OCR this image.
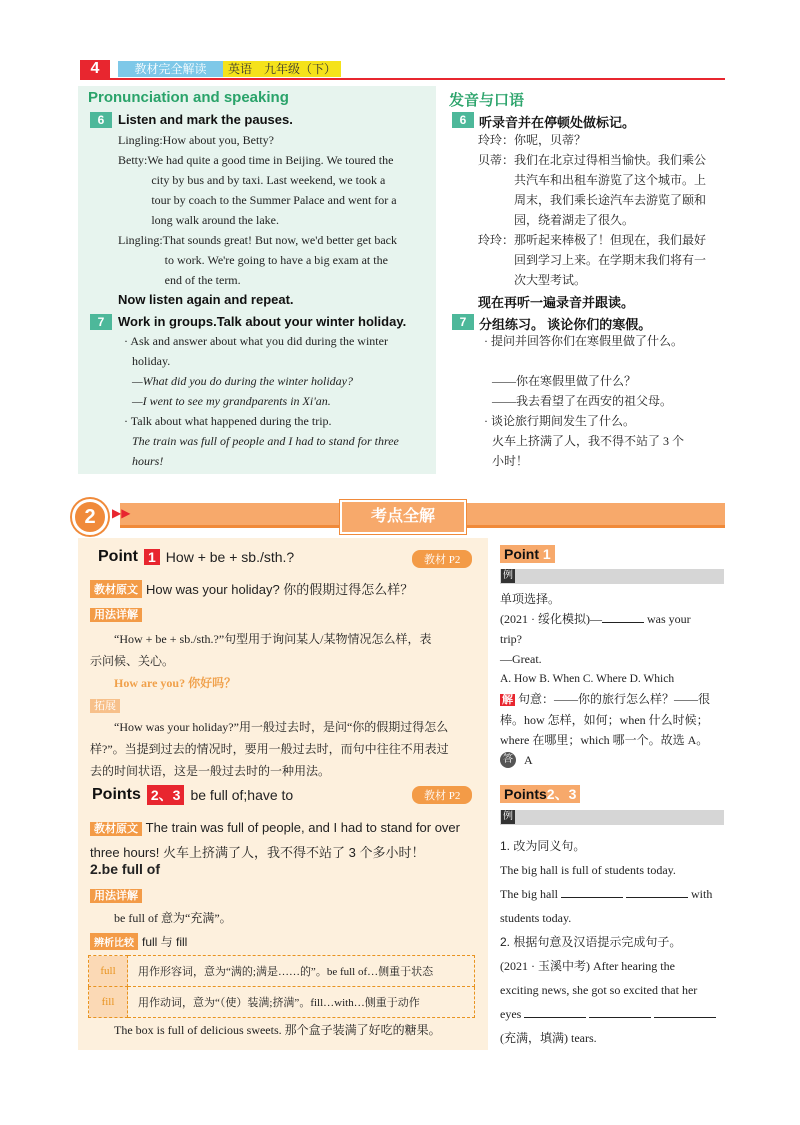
4	教材完全解读	英语　九年级（下）
Pronunciation and speaking	发音与口语
6	Listen and mark the pauses.	6 听录音并在停顿处做标记。
Lingling: How about you, Betty?
Betty: We had quite a good time in Beijing. We toured the
city by bus and by taxi. Last weekend, we took a
tour by coach to the Summer Palace and went for a
long walk around the lake.
Lingling: That sounds great! But now, we'd better get back
to work. We're going to have a big exam at the
end of the term.
玲玲： 你呢，贝蒂？
贝蒂： 我们在北京过得相当愉快。我们乘公
共汽车和出租车游览了这个城市。上
周末，我们乘长途汽车去游览了颐和
园，绕着湖走了很久。
玲玲： 那听起来棒极了！但现在，我们最好
回到学习上来。在学期末我们将有一
次大型考试。
Now listen again and repeat.	现在再听一遍录音并跟读。
7	Work in groups.Talk about your winter holiday.	7 分组练习。 谈论你们的寒假。
· Ask and answer about what you did during the winter
holiday.
—What did you do during the winter holiday?
—I went to see my grandparents in Xi'an.
· Talk about what happened during the trip.
The train was full of people and I had to stand for three
hours!
· 提问并回答你们在寒假里做了什么。
——你在寒假里做了什么？
——我去看望了在西安的祖父母。
· 谈论旅行期间发生了什么。
火车上挤满了人，我不得不站了 3 个
小时！
2	▶▶	考点全解
Point 1 How + be + sb./sth.?	教材 P2
教材原文 How was your holiday? 你的假期过得怎么样？
用法详解
“How + be + sb./sth.?”句型用于询问某人/某物情况怎么样，表
示问候、关心。
How are you? 你好吗？
拓展
“How was your holiday?”用一般过去时，是问“你的假期过得怎么
样?”。当提到过去的情况时，要用一般过去时，而句中往往不用表过
去的时间状语，这是一般过去时的一种用法。
Points 2、3 be full of;have to	教材 P2
教材原文 The train was full of people, and I had to stand for over
three hours! 火车上挤满了人，我不得不站了 3 个多小时！
2.be full of
用法详解
be full of 意为“充满”。
辨析比较 full 与 fill
full	用作形容词，意为“满的;满是……的”。be full of…侧重于状态
fill	用作动词，意为“（使）装满;挤满”。fill…with…侧重于动作
The box is full of delicious sweets. 那个盒子装满了好吃的糖果。
Point 1
例
单项选择。
(2021 · 绥化模拟)—	was your
trip?
—Great.
A. How B. When C. Where D. Which
解 句意：——你的旅行怎么样？——很
棒。how 怎样，如何；when 什么时候；
where 在哪里；which 哪一个。故选 A。
答 A
Points2、3
例
1. 改为同义句。
The big hall is full of students today.
The big hall	with
students today.
2. 根据句意及汉语提示完成句子。
(2021 · 玉溪中考) After hearing the
exciting news, she got so excited that her
eyes
(充满，填满) tears.
